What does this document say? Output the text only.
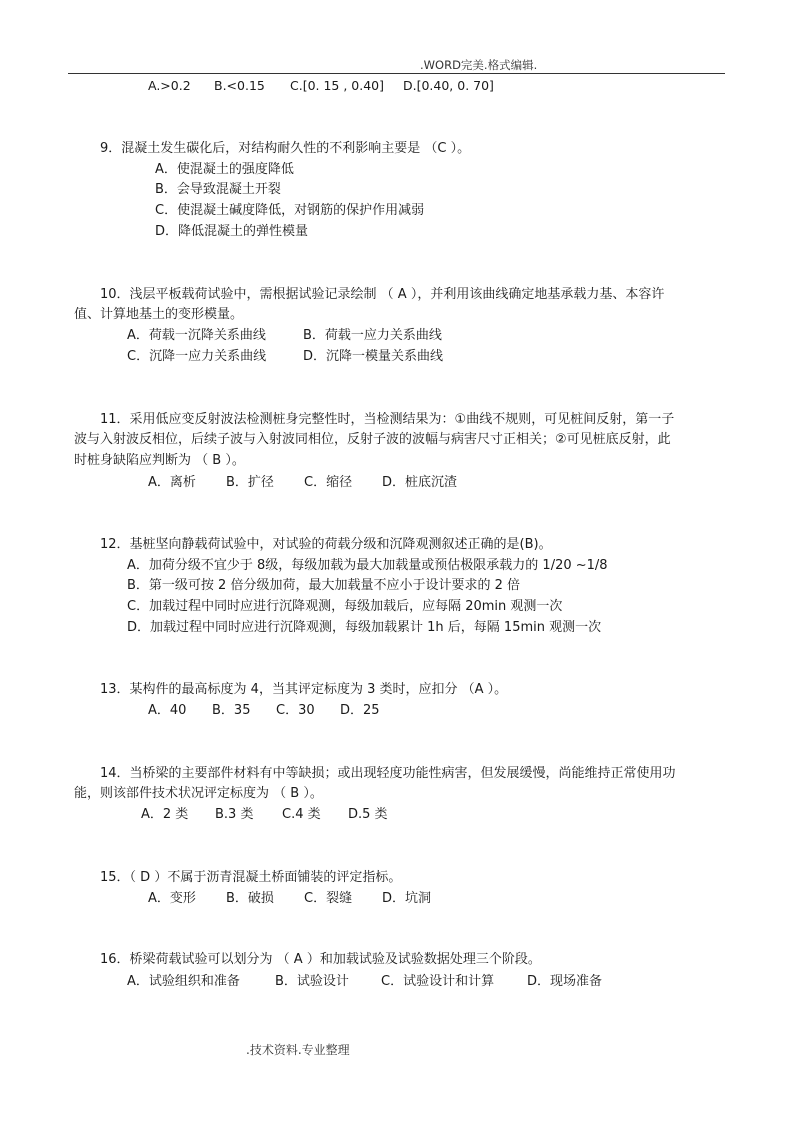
.WORD完美.格式编辑.
A.>0.2 B.<0.15 C.[0. 15 , 0.40] D.[0.40, 0. 70]
9．混凝土发生碳化后，对结构耐久性的不利影响主要是 （C ）。
A．使混凝土的强度降低
B．会导致混凝土开裂
C．使混凝土碱度降低，对钢筋的保护作用减弱
D．降低混凝土的弹性模量
10．浅层平板载荷试验中，需根据试验记录绘制 （ A ），并利用该曲线确定地基承载力基、本容许
值、计算地基土的变形模量。
A．荷载一沉降关系曲线	B．荷载一应力关系曲线
C．沉降一应力关系曲线	D．沉降一模量关系曲线
11．采用低应变反射波法检测桩身完整性时，当检测结果为：①曲线不规则，可见桩间反射，第一子
波与入射波反相位，后续子波与入射波同相位，反射子波的波幅与病害尺寸正相关；②可见桩底反射，此
时桩身缺陷应判断为 （ B ）。
A．离析 B．扩径 C．缩径 D．桩底沉渣
12．基桩坚向静载荷试验中，对试验的荷载分级和沉降观测叙述正确的是(B)。
A．加荷分级不宜少于 8级，每级加载为最大加载量或预估极限承载力的 1/20 ~1/8
B．第一级可按 2 倍分级加荷，最大加载量不应小于设计要求的 2 倍
C．加载过程中同时应进行沉降观测，每级加载后，应每隔 20min 观测一次
D．加载过程中同时应进行沉降观测，每级加载累计 1h 后，每隔 15min 观测一次
13．某构件的最高标度为 4，当其评定标度为 3 类时，应扣分 （A ）。
A．40 B．35 C．30 D．25
14．当桥梁的主要部件材料有中等缺损；或出现轻度功能性病害，但发展缓慢，尚能维持正常使用功
能，则该部件技术状况评定标度为 （ B ）。
A．2 类 B.3 类 C.4 类 D.5 类
15．（ D ）不属于沥青混凝土桥面铺装的评定指标。
A．变形 B．破损 C．裂缝 D．坑洞
16．桥梁荷载试验可以划分为 （ A ）和加载试验及试验数据处理三个阶段。
A．试验组织和准备	B．试验设计 C．试验设计和计算	D．现场准备
.技术资料.专业整理
